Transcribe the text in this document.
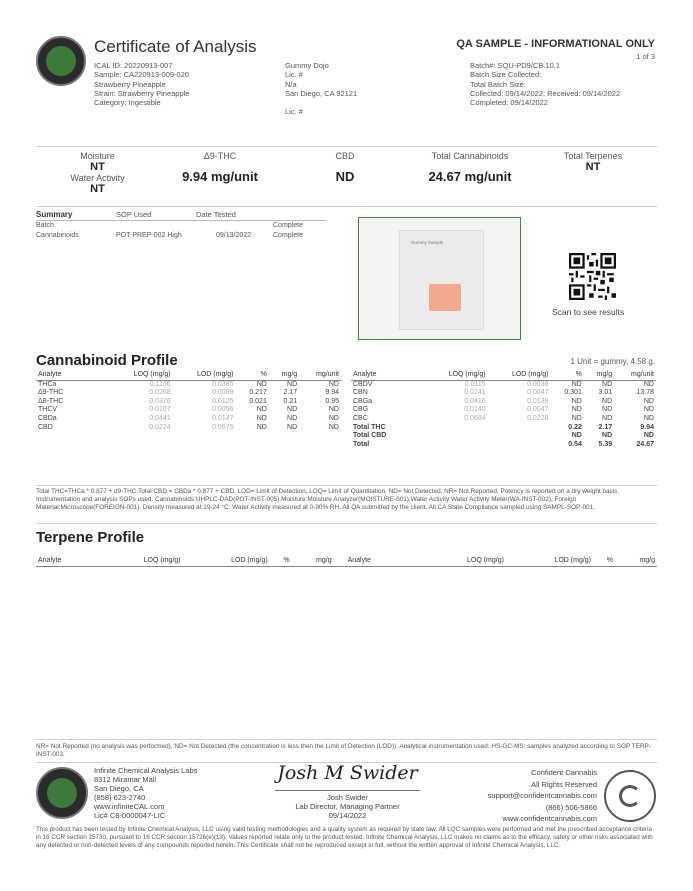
Certificate of Analysis	QA SAMPLE - INFORMATIONAL ONLY
1 of 3
ICAL ID: 20220913-007
Sample: CA220913-009-020
Strawberry Pineapple
Strain: Strawberry Pineapple
Category: Ingestible
Gummy Dojo
Lic. #
N/a
San Diego, CA 92121
Lic. #
Batch#: SQU-PD9/CB.10.1
Batch Size Collected:
Total Batch Size:
Collected: 09/14/2022; Received: 09/14/2022
Completed: 09/14/2022
Moisture
NT
Water Activity
NT
Δ9-THC
9.94 mg/unit
CBD
ND
Total Cannabinoids
24.67 mg/unit
Total Terpenes
NT
Summary	SOP Used	Date Tested
Batch	Complete
Cannabinoids	POT-PREP-002 High	09/13/2022	Complete
Gummy Sample
Scan to see results
Cannabinoid Profile	1 Unit = gummy, 4.58 g.
Analyte	LOQ (mg/g)	LOD (mg/g)	%	mg/g	mg/unit
THCa	0.1156	0.0385	ND	ND	ND
Δ9-THC	0.0268	0.0089	0.217	2.17	9.94
Δ8-THC	0.0376	0.0125	0.021	0.21	0.95
THCV	0.0167	0.0056	ND	ND	ND
CBDa	0.0441	0.0147	ND	ND	ND
CBD	0.0224	0.0075	ND	ND	ND
Analyte	LOQ (mg/g)	LOD (mg/g)	%	mg/g	mg/unit
CBDV	0.0115	0.0038	ND	ND	ND
CBN	0.0141	0.0047	0.301	3.01	13.78
CBGa	0.0416	0.0139	ND	ND	ND
CBG	0.0140	0.0047	ND	ND	ND
CBC	0.0684	0.0228	ND	ND	ND
Total THC			0.22	2.17	9.94
Total CBD			ND	ND	ND
Total			0.54	5.39	24.67
Total THC=THCa * 0.877 + d9-THC;Total CBD = CBDa * 0.877 + CBD. LOD= Limit of Detection, LOQ= Limit of Quantitation, ND= Not Detected, NR= Not Reported, Potency is reported on a dry weight basis. Instrumentation and analysis SOPs used: Cannabinoids:UHPLC-DAD(POT-INST-005),Moisture:Moisture Analyzer(MOISTURE-001),Water Activity:Water Activity Meter(WA-INST-002), Foreign Material:Microscope(FOREIGN-001). Density measured at 19-24 °C. Water Activity measured at 0-90% RH. All QA submitted by the client. All CA State Compliance sampled using SAMPL-SOP-001.
Terpene Profile
Analyte	LOQ (mg/g)	LOD (mg/g)	%	mg/g	Analyte	LOQ (mg/g)	LOD (mg/g)	%	mg/g
NR= Not Reported (no analysis was performed), ND= Not Detected (the concentration is less then the Limit of Detection (LOD)). Analytical instrumentation used: HS-GC-MS; samples analyzed according to SOP TERP-INST-003.
Infinite Chemical Analysis Labs
8312 Miramar Mall
San Diego, CA
(858) 623-2740
www.infiniteCAL.com
Lic# C8-0000047-LIC
Josh M Swider
Josh Swider
Lab Director, Managing Partner
09/14/2022
Confident Cannabis
All Rights Reserved
support@confidentcannabis.com
(866) 506-5866
www.confidentcannabis.com
This product has been tested by Infinite Chemical Analysis, LLC using valid testing methodologies and a quality system as required by state law. All LQC samples were performed and met the prescribed acceptance criteria in 16 CCR section 15730, pursuant to 16 CCR section 15726(e)(13). Values reported relate only to the product tested. Infinite Chemical Analysis, LLC makes no claims as to the efficacy, safety or other risks associated with any detected or non-detected levels of any compounds reported herein. This Certificate shall not be reproduced except in full, without the written approval of Infinite Chemical Analysis, LLC.
